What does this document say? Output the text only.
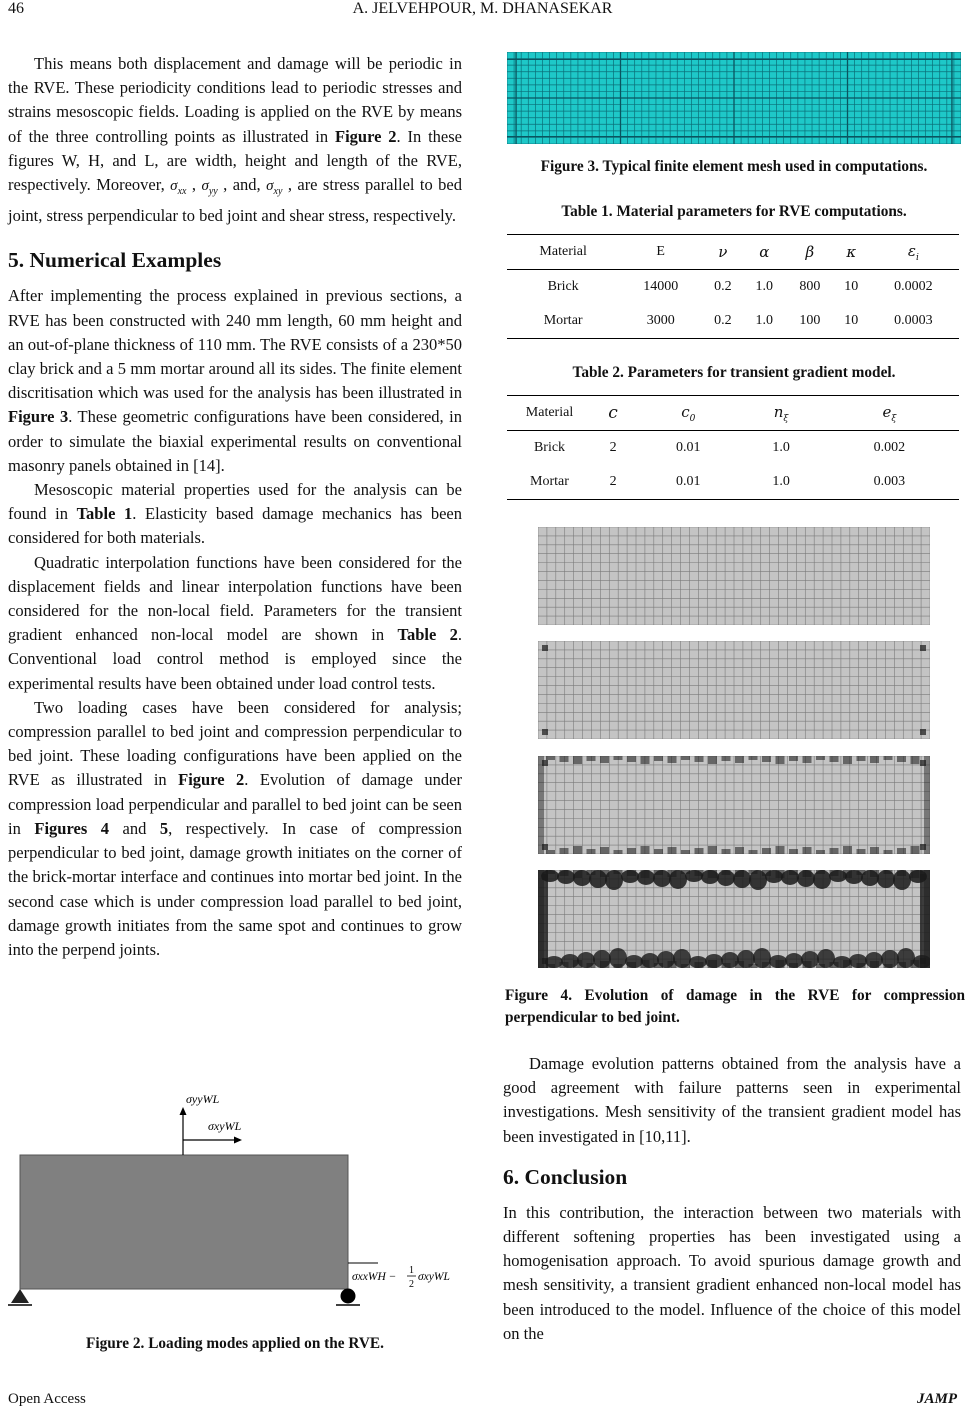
46	A. JELVEHPOUR, M. DHANASEKAR

This means both displacement and damage will be periodic in the RVE. These periodicity conditions lead to periodic stresses and strains mesoscopic fields. Loading is applied on the RVE by means of the three controlling points as illustrated in Figure 2. In these figures W, H, and L, are width, height and length of the RVE, respectively. Moreover, $\sigma_{xx}$ , $\sigma_{yy}$ , and, $\sigma_{xy}$ , are stress parallel to bed joint, stress perpendicular to bed joint and shear stress, respectively.

5. Numerical Examples

After implementing the process explained in previous sections, a RVE has been constructed with 240 mm length, 60 mm height and an out-of-plane thickness of 110 mm. The RVE consists of a 230*50 clay brick and a 5 mm mortar around all its sides. The finite element discritisation which was used for the analysis has been illustrated in Figure 3. These geometric configurations have been considered, in order to simulate the biaxial experimental results on conventional masonry panels obtained in [14].

Mesoscopic material properties used for the analysis can be found in Table 1. Elasticity based damage mechanics has been considered for both materials.

Quadratic interpolation functions have been considered for the displacement fields and linear interpolation functions have been considered for the non-local field. Parameters for the transient gradient enhanced non-local model are shown in Table 2. Conventional load control method is employed since the experimental results have been obtained under load control tests.

Two loading cases have been considered for analysis; compression parallel to bed joint and compression perpendicular to bed joint. These loading configurations have been applied on the RVE as illustrated in Figure 2. Evolution of damage under compression load perpendicular and parallel to bed joint can be seen in Figures 4 and 5, respectively. In case of compression perpendicular to bed joint, damage growth initiates on the corner of the brick-mortar interface and continues into mortar bed joint. In the second case which is under compression load parallel to bed joint, damage growth initiates from the same spot and continues to grow into the perpend joints.

σyyWL
σxyWL
σxxWH −
1
2
σxyWL
Figure 2. Loading modes applied on the RVE.
Figure 3. Typical finite element mesh used in computations.
Table 1. Material parameters for RVE computations.
Material	E	ν	α	β	κ	$\varepsilon_i$
Brick	14000	0.2	1.0	800	10	0.0002
Mortar	3000	0.2	1.0	100	10	0.0003
Table 2. Parameters for transient gradient model.
Material	c	$c_0$	$n_\xi$	$e_\xi$
Brick	2	0.01	1.0	0.002
Mortar	2	0.01	1.0	0.003
Figure 4. Evolution of damage in the RVE for compression perpendicular to bed joint.

Damage evolution patterns obtained from the analysis have a good agreement with failure patterns seen in experimental investigations. Mesh sensitivity of the transient gradient model has been investigated in [10,11].

6. Conclusion

In this contribution, the interaction between two materials with different softening properties has been investigated using a homogenisation approach. To avoid spurious damage growth and mesh sensitivity, a transient gradient enhanced non-local model has been introduced to the model. Influence of the choice of this model on the

Open Access	JAMP
